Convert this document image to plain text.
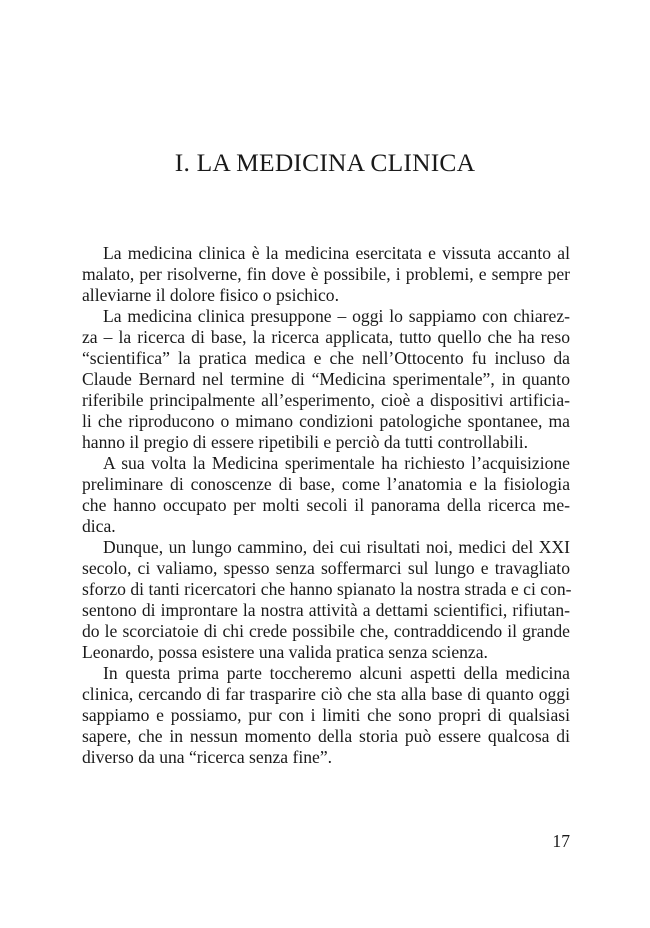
I. LA MEDICINA CLINICA

La medicina clinica è la medicina esercitata e vissuta accanto al
malato, per risolverne, fin dove è possibile, i problemi, e sempre per
alleviarne il dolore fisico o psichico.

La medicina clinica presuppone – oggi lo sappiamo con chiarez-
za – la ricerca di base, la ricerca applicata, tutto quello che ha reso
“scientifica” la pratica medica e che nell’Ottocento fu incluso da
Claude Bernard nel termine di “Medicina sperimentale”, in quanto
riferibile principalmente all’esperimento, cioè a dispositivi artificia-
li che riproducono o mimano condizioni patologiche spontanee, ma
hanno il pregio di essere ripetibili e perciò da tutti controllabili.

A sua volta la Medicina sperimentale ha richiesto l’acquisizione
preliminare di conoscenze di base, come l’anatomia e la fisiologia
che hanno occupato per molti secoli il panorama della ricerca me-
dica.

Dunque, un lungo cammino, dei cui risultati noi, medici del XXI
secolo, ci valiamo, spesso senza soffermarci sul lungo e travagliato
sforzo di tanti ricercatori che hanno spianato la nostra strada e ci con-
sentono di improntare la nostra attività a dettami scientifici, rifiutan-
do le scorciatoie di chi crede possibile che, contraddicendo il grande
Leonardo, possa esistere una valida pratica senza scienza.

In questa prima parte toccheremo alcuni aspetti della medicina
clinica, cercando di far trasparire ciò che sta alla base di quanto oggi
sappiamo e possiamo, pur con i limiti che sono propri di qualsiasi
sapere, che in nessun momento della storia può essere qualcosa di
diverso da una “ricerca senza fine”.

17
